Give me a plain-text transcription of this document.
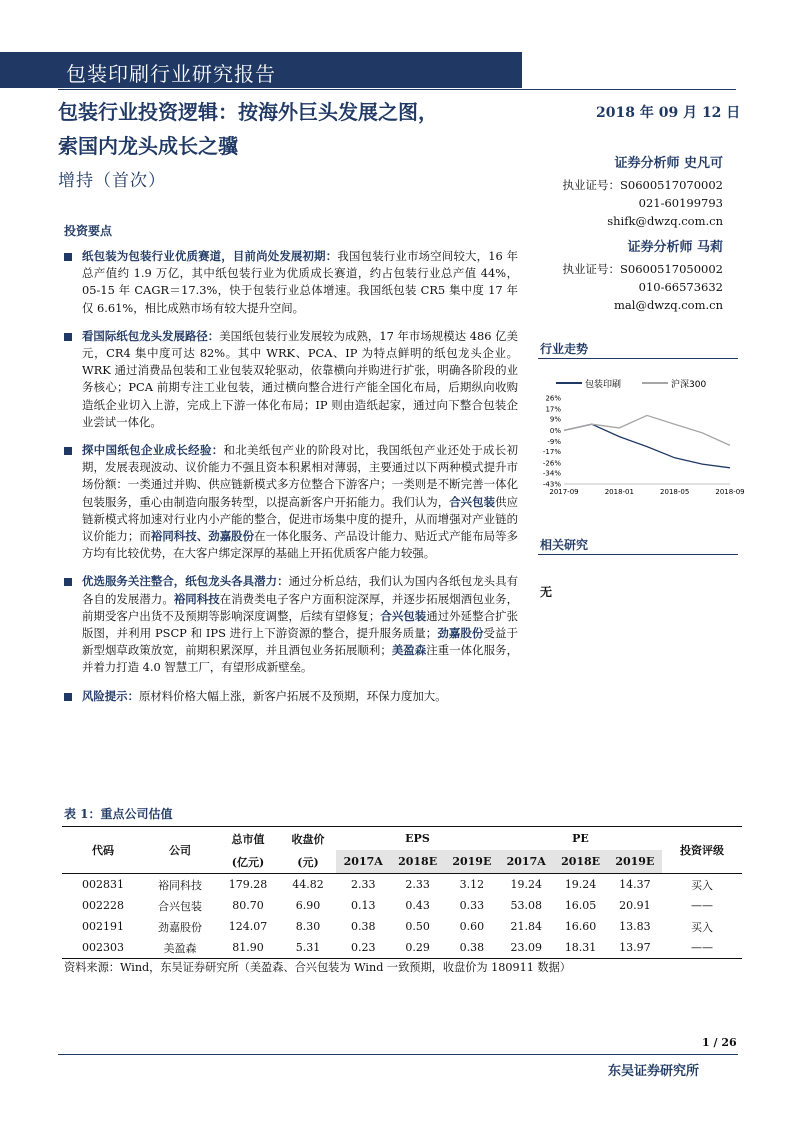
包装印刷行业研究报告
包装行业投资逻辑：按海外巨头发展之图，
索国内龙头成长之骥
增持（首次）
2018 年 09 月 12 日
证券分析师 史凡可
执业证号：S0600517070002
021-60199793
shifk@dwzq.com.cn
证券分析师 马莉
执业证号：S0600517050002
010-66573632
mal@dwzq.com.cn
投资要点
纸包装为包装行业优质赛道，目前尚处发展初期：我国包装行业市场空间较大，16 年总产值约 1.9 万亿，其中纸包装行业为优质成长赛道，约占包装行业总产值 44%，05-15 年 CAGR＝17.3%，快于包装行业总体增速。我国纸包装 CR5 集中度 17 年仅 6.61%，相比成熟市场有较大提升空间。
看国际纸包龙头发展路径：美国纸包装行业发展较为成熟，17 年市场规模达 486 亿美元，CR4 集中度可达 82%。其中 WRK、PCA、IP 为特点鲜明的纸包龙头企业。WRK 通过消费品包装和工业包装双轮驱动，依靠横向并购进行扩张，明确各阶段的业务核心；PCA 前期专注工业包装，通过横向整合进行产能全国化布局，后期纵向收购造纸企业切入上游，完成上下游一体化布局；IP 则由造纸起家，通过向下整合包装企业尝试一体化。
探中国纸包企业成长经验：和北美纸包产业的阶段对比，我国纸包产业还处于成长初期，发展表现波动、议价能力不强且资本积累相对薄弱，主要通过以下两种模式提升市场份额：一类通过并购、供应链新模式多方位整合下游客户；一类则是不断完善一体化包装服务，重心由制造向服务转型，以提高新客户开拓能力。我们认为，合兴包装供应链新模式将加速对行业内小产能的整合，促进市场集中度的提升，从而增强对产业链的议价能力；而裕同科技、劲嘉股份在一体化服务、产品设计能力、贴近式产能布局等多方均有比较优势，在大客户绑定深厚的基础上开拓优质客户能力较强。
优选服务关注整合，纸包龙头各具潜力：通过分析总结，我们认为国内各纸包龙头具有各自的发展潜力。裕同科技在消费类电子客户方面积淀深厚，并逐步拓展烟酒包业务，前期受客户出货不及预期等影响深度调整，后续有望修复；合兴包装通过外延整合扩张版图，并利用 PSCP 和 IPS 进行上下游资源的整合，提升服务质量；劲嘉股份受益于新型烟草政策放宽，前期积累深厚，并且酒包业务拓展顺利；美盈森注重一体化服务，并着力打造 4.0 智慧工厂，有望形成新壁垒。
风险提示：原材料价格大幅上涨，新客户拓展不及预期，环保力度加大。
行业走势
包装印刷	沪深300
26%
17%
9%
0%
-9%
-17%
-26%
-34%
-43%
2017-09	2018-01	2018-05	2018-09
相关研究
无
表 1：重点公司估值
代码	公司	总市值	收盘价	EPS			PE			投资评级
		(亿元)	(元)	2017A	2018E	2019E	2017A	2018E	2019E	
002831	裕同科技	179.28	44.82	2.33	2.33	3.12	19.24	19.24	14.37	买入
002228	合兴包装	80.70	6.90	0.13	0.43	0.33	53.08	16.05	20.91	——
002191	劲嘉股份	124.07	8.30	0.38	0.50	0.60	21.84	16.60	13.83	买入
002303	美盈森	81.90	5.31	0.23	0.29	0.38	23.09	18.31	13.97	——
资料来源：Wind，东吴证券研究所（美盈森、合兴包装为 Wind 一致预期，收盘价为 180911 数据）
1 / 26
东吴证券研究所
